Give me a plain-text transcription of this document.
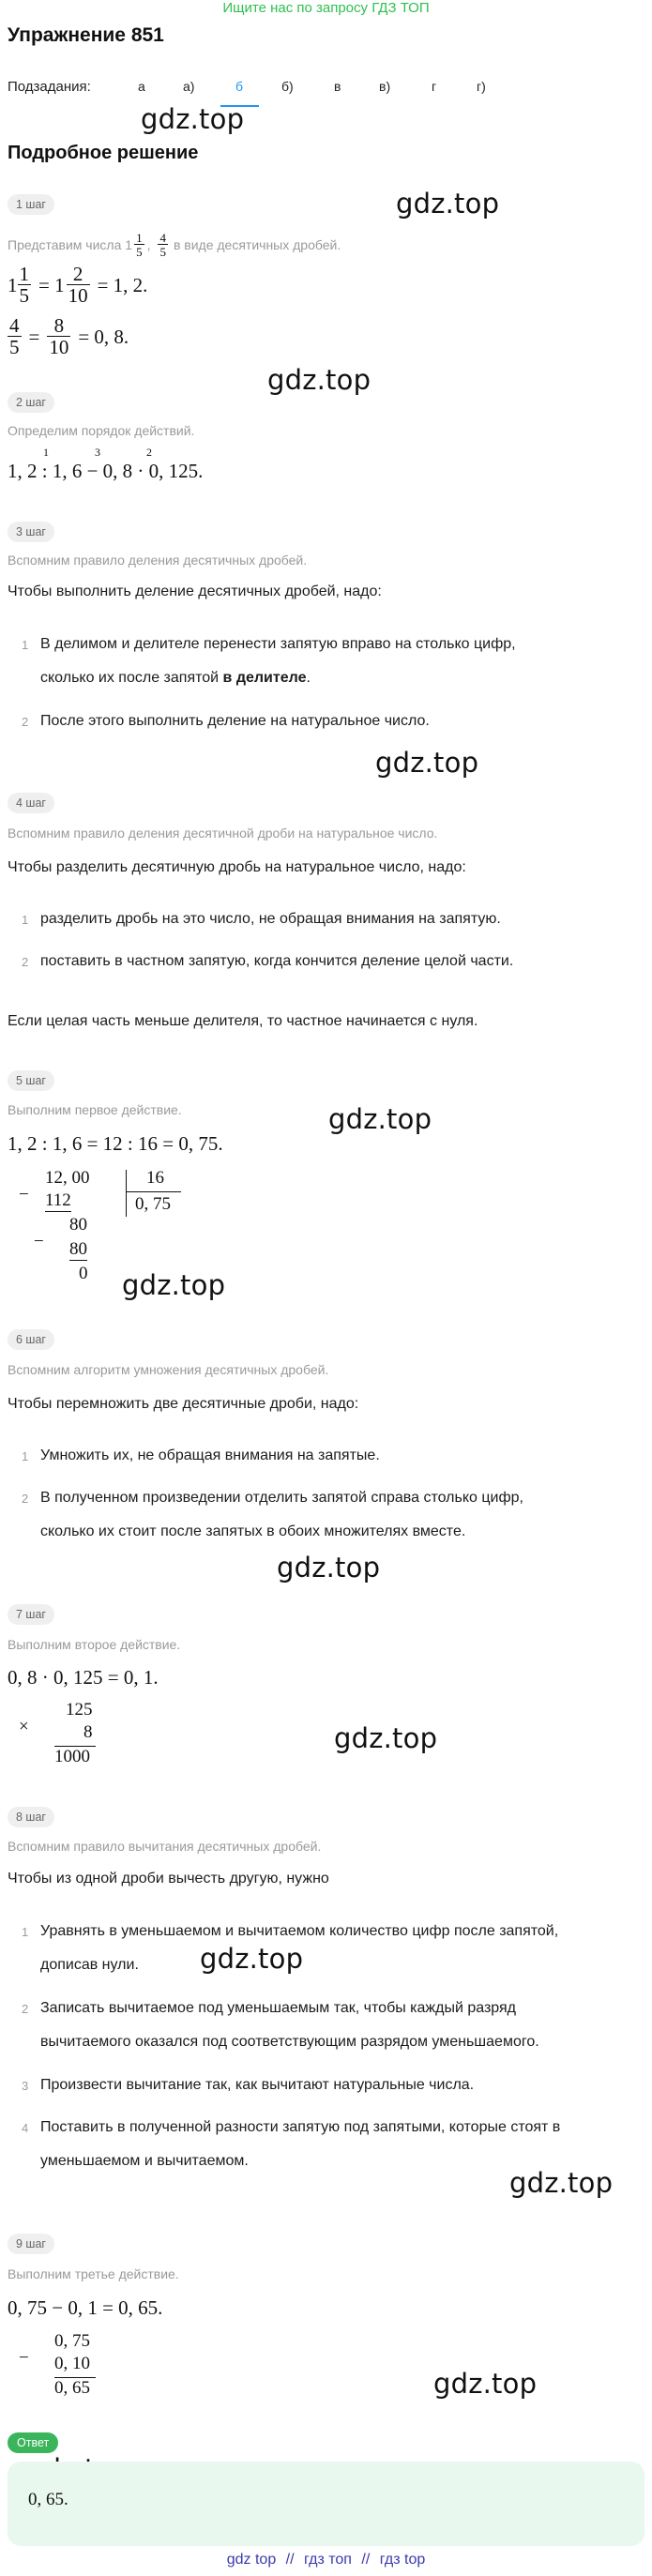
Ищите нас по запросу ГДЗ ТОП
Упражнение 851
Подзадания:	а	а)	б	б)	в	в)	г	г)
Подробное решение
gdz.top
gdz.top
gdz.top
gdz.top
gdz.top
gdz.top
gdz.top
gdz.top
gdz.top
gdz.top
gdz.top
1 шаг
Представим числа $1 \frac{1}{5}$ , $\frac{4}{5}$ в виде десятичных дробей.
$1 \frac{1}{5} = 1 \frac{2}{10} = 1$, 2.
$\frac{4}{5} = \frac{8}{10} = 0$, 8.
2 шаг
Определим порядок действий.
1	3	2
1, 2 : 1, 6 − 0, 8 · 0, 125.
3 шаг
Вспомним правило деления десятичных дробей.
Чтобы выполнить деление десятичных дробей, надо:
1 В делимом и делителе перенести запятую вправо на столько цифр,
сколько их после запятой в делителе.
2 После этого выполнить деление на натуральное число.
4 шаг
Вспомним правило деления десятичной дроби на натуральное число.
Чтобы разделить десятичную дробь на натуральное число, надо:
1 разделить дробь на это число, не обращая внимания на запятую.
2 поставить в частном запятую, когда кончится деление целой части.
Если целая часть меньше делителя, то частное начинается с нуля.
5 шаг
Выполним первое действие.
1, 2 : 1, 6 = 12 : 16 = 0, 75.
−
12, 00
112
−
80
80
0
16
0, 75
6 шаг
Вспомним алгоритм умножения десятичных дробей.
Чтобы перемножить две десятичные дроби, надо:
1 Умножить их, не обращая внимания на запятые.
2 В полученном произведении отделить запятой справа столько цифр,
сколько их стоит после запятых в обоих множителях вместе.
7 шаг
Выполним второе действие.
0, 8 · 0, 125 = 0, 1.
×
125
8
1000
8 шаг
Вспомним правило вычитания десятичных дробей.
Чтобы из одной дроби вычесть другую, нужно
1 Уравнять в уменьшаемом и вычитаемом количество цифр после запятой,
дописав нули.
2 Записать вычитаемое под уменьшаемым так, чтобы каждый разряд
вычитаемого оказался под соответствующим разрядом уменьшаемого.
3 Произвести вычитание так, как вычитают натуральные числа.
4 Поставить в полученной разности запятую под запятыми, которые стоят в
уменьшаемом и вычитаемом.
9 шаг
Выполним третье действие.
0, 75 − 0, 1 = 0, 65.
−
0, 75
0, 10
0, 65
Ответ
0, 65.
gdz top // гдз топ // гдз top
